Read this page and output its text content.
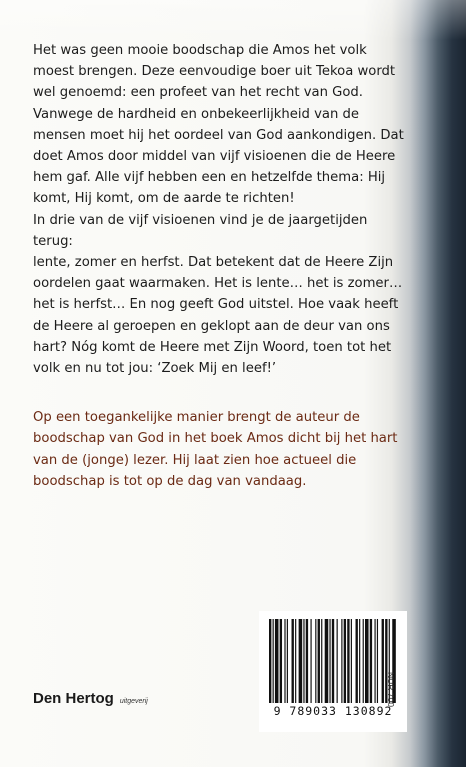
Het was geen mooie boodschap die Amos het volk
moest brengen. Deze eenvoudige boer uit Tekoa wordt
wel genoemd: een profeet van het recht van God.
Vanwege de hardheid en onbekeerlijkheid van de
mensen moet hij het oordeel van God aankondigen. Dat
doet Amos door middel van vijf visioenen die de Heere
hem gaf. Alle vijf hebben een en hetzelfde thema: Hij
komt, Hij komt, om de aarde te richten!
In drie van de vijf visioenen vind je de jaargetijden terug:
lente, zomer en herfst. Dat betekent dat de Heere Zijn
oordelen gaat waarmaken. Het is lente… het is zomer…
het is herfst… En nog geeft God uitstel. Hoe vaak heeft
de Heere al geroepen en geklopt aan de deur van ons
hart? Nóg komt de Heere met Zijn Woord, toen tot het
volk en nu tot jou: ‘Zoek Mij en leef!’

Op een toegankelijke manier brengt de auteur de
boodschap van God in het boek Amos dicht bij het hart
van de (jonge) lezer. Hij laat zien hoe actueel die
boodschap is tot op de dag van vandaag.

Den Hertog uitgeverij
9 789033 130892
NUR 700
